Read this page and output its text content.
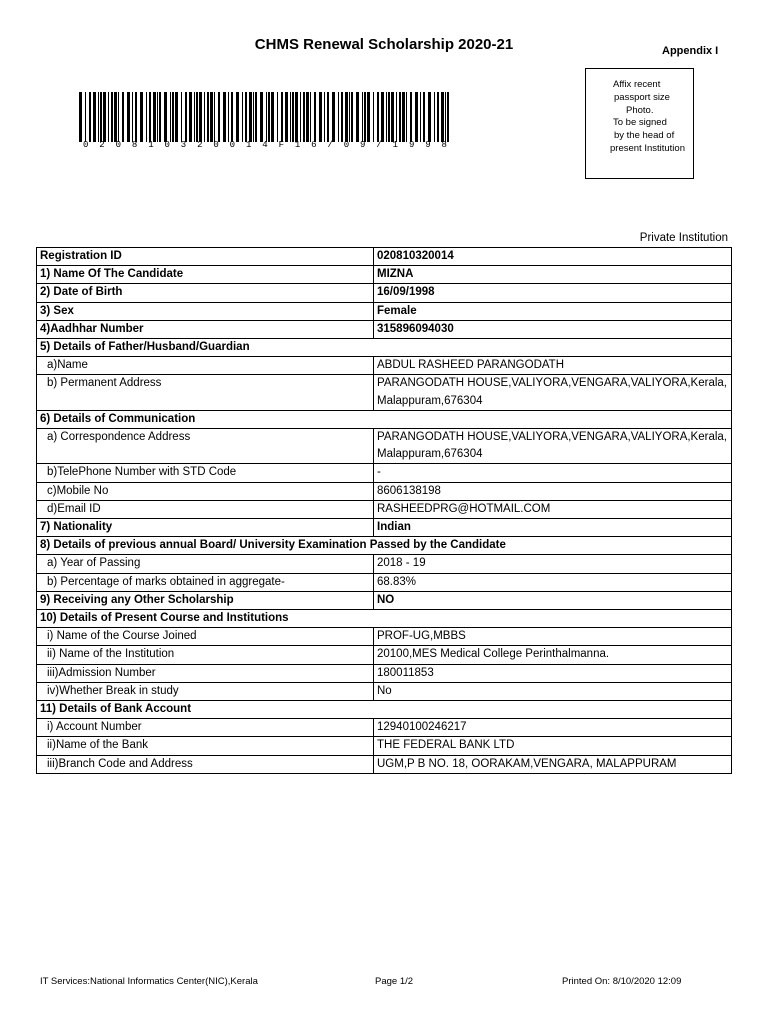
CHMS Renewal Scholarship 2020-21	Appendix I
0 2 0 8 1 0 3 2 0 0 1 4 F 1 6 / 0 9 / 1 9 9 8
Affix recent
passport size
Photo.
To be signed
by the head of
present Institution
Private Institution
Registration ID	020810320014
1) Name Of The Candidate	MIZNA
2) Date of Birth	16/09/1998
3) Sex	Female
4)Aadhhar Number	315896094030
5) Details of Father/Husband/Guardian	
a)Name	ABDUL RASHEED PARANGODATH
b) Permanent Address	PARANGODATH HOUSE,VALIYORA,VENGARA,VALIYORA,Kerala,Malappuram,676304
6) Details of Communication	
a) Correspondence Address	PARANGODATH HOUSE,VALIYORA,VENGARA,VALIYORA,Kerala,Malappuram,676304
b)TelePhone Number with STD Code	-
c)Mobile No	8606138198
d)Email ID	RASHEEDPRG@HOTMAIL.COM
7) Nationality	Indian
8) Details of previous annual Board/ University Examination Passed by the Candidate	
a) Year of Passing	2018 - 19
b) Percentage of marks obtained in aggregate-	68.83%
9) Receiving any Other Scholarship	NO
10) Details of Present Course and Institutions	
i) Name of the Course Joined	PROF-UG,MBBS
ii) Name of the Institution	20100,MES Medical College Perinthalmanna.
iii)Admission Number	180011853
iv)Whether Break in study	No
11) Details of Bank Account	
i) Account Number	12940100246217
ii)Name of the Bank	THE FEDERAL BANK LTD
iii)Branch Code and Address	UGM,P B NO. 18, OORAKAM,VENGARA, MALAPPURAM
IT Services:National Informatics Center(NIC),Kerala	Page 1/2	Printed On: 8/10/2020 12:09
